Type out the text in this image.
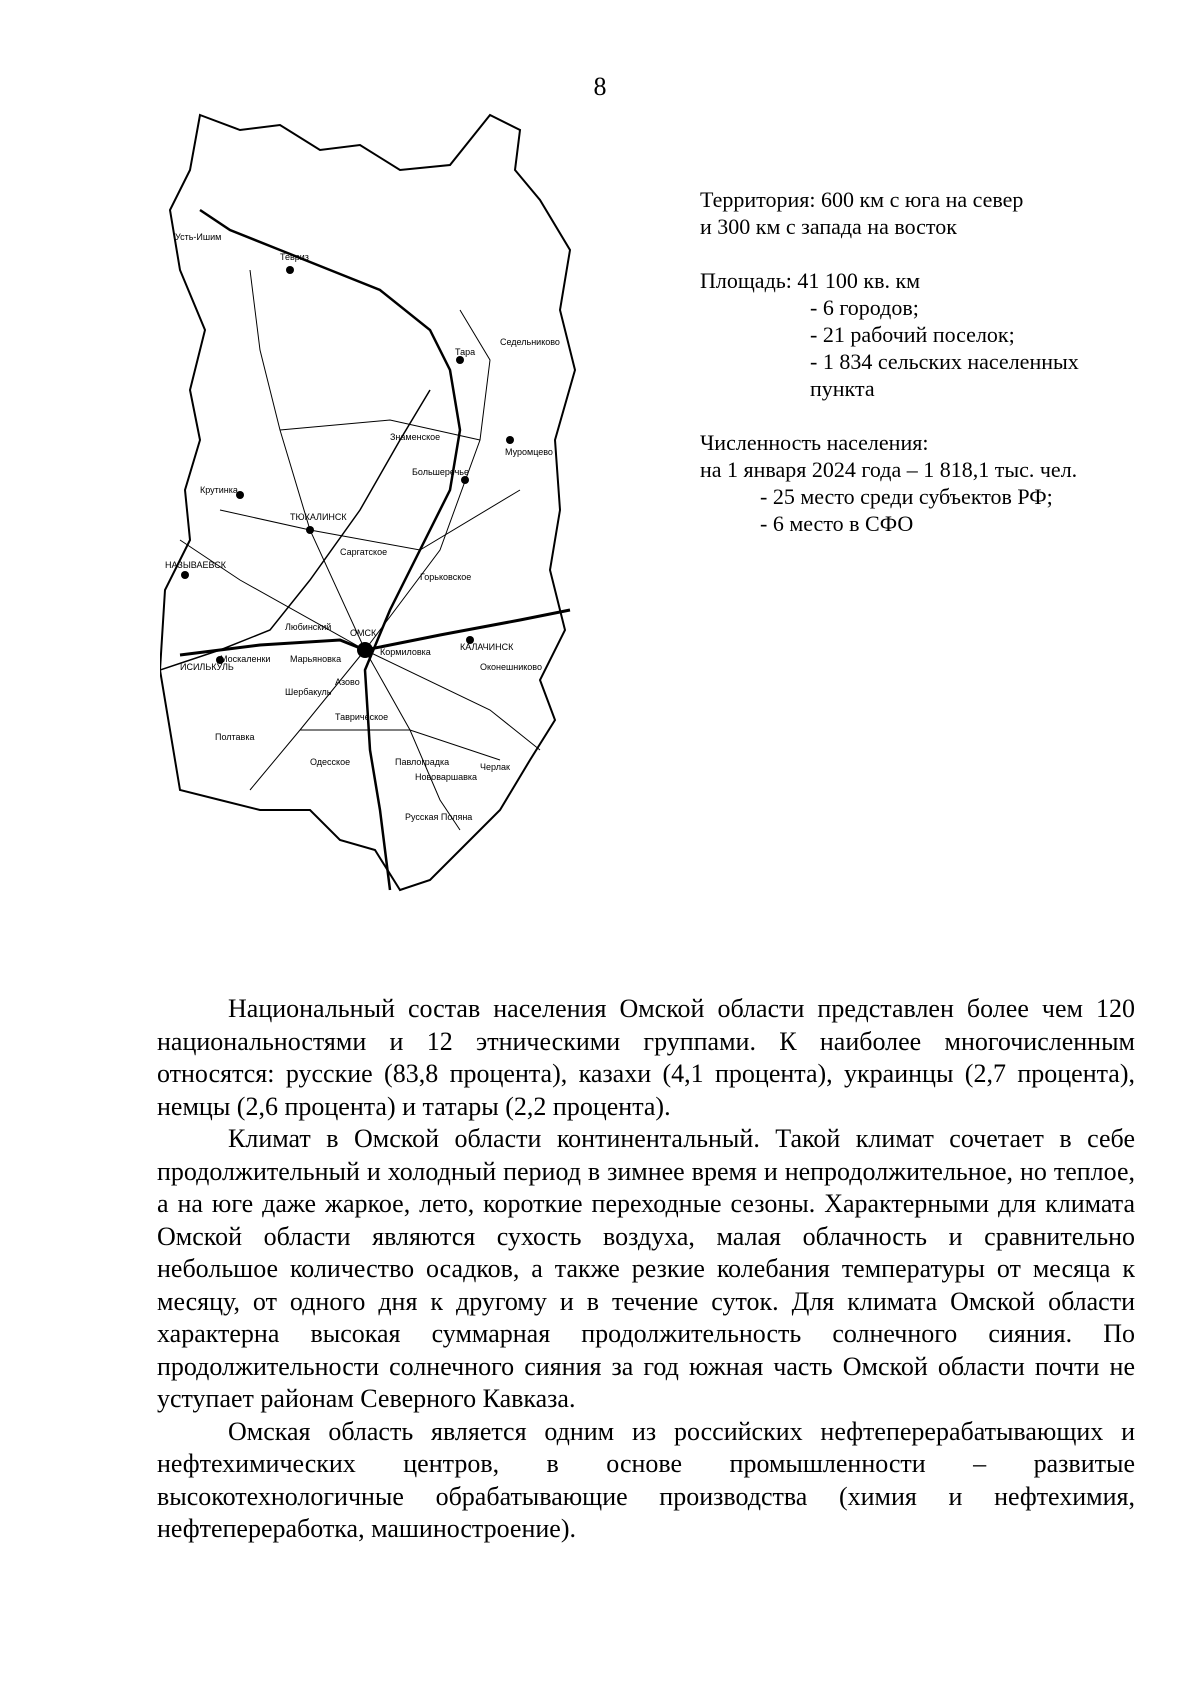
8
Тара
ТЮКАЛИНСК
НАЗЫВАЕВСК
ОМСК
ИСИЛЬКУЛЬ
КАЛАЧИНСК
Тевриз
Крутинка
Муромцево
Большеречье
Саргатское
Любинский
Марьяновка
Москаленки
Шербакуль
Азово
Таврическое
Павлоградка
Одесское
Полтавка
Нововаршавка
Черлак
Русская Поляна
Кормиловка
Горьковское
Знаменское
Усть-Ишим
Седельниково
Оконешниково

Территория: 600 км с юга на север

и 300 км с запада на восток

Площадь: 41 100 кв. км

- 6 городов;

- 21 рабочий поселок;

- 1 834 сельских населенных

пункта

Численность населения:

на 1 января 2024 года – 1 818,1 тыс. чел.

- 25 место среди субъектов РФ;

- 6 место в СФО

Национальный состав населения Омской области представлен более чем 120 национальностями и 12 этническими группами. К наиболее многочисленным относятся: русские (83,8 процента), казахи (4,1 процента), украинцы (2,7 процента), немцы (2,6 процента) и татары (2,2 процента).

Климат в Омской области континентальный. Такой климат сочетает в себе продолжительный и холодный период в зимнее время и непродолжительное, но теплое, а на юге даже жаркое, лето, короткие переходные сезоны. Характерными для климата Омской области являются сухость воздуха, малая облачность и сравнительно небольшое количество осадков, а также резкие колебания температуры от месяца к месяцу, от одного дня к другому и в течение суток. Для климата Омской области характерна высокая суммарная продолжительность солнечного сияния. По продолжительности солнечного сияния за год южная часть Омской области почти не уступает районам Северного Кавказа.

Омская область является одним из российских нефтеперерабатывающих и нефтехимических центров, в основе промышленности – развитые высокотехнологичные обрабатывающие производства (химия и нефтехимия, нефтепереработка, машиностроение).
